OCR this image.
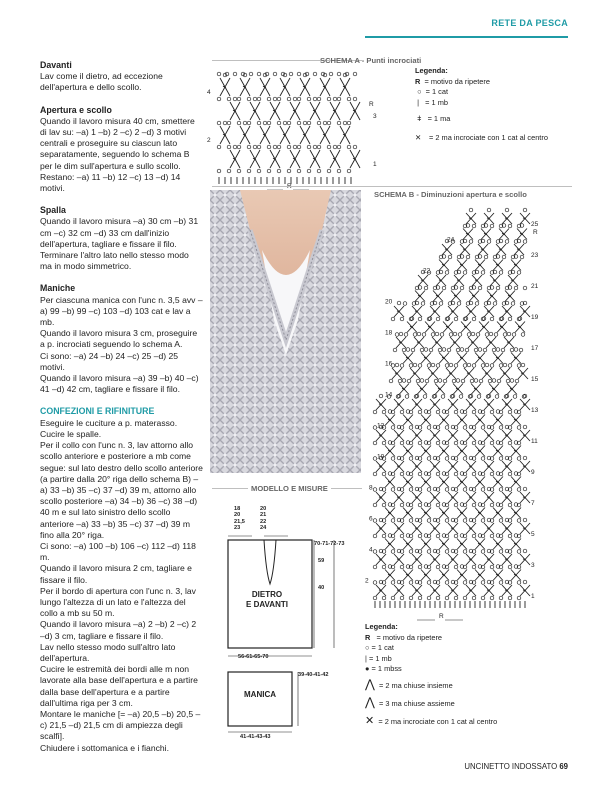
RETE DA PESCA
Davanti

Lav come il dietro, ad eccezione dell'apertura e dello scollo.

Apertura e scollo

Quando il lavoro misura 40 cm, smettere di lav su: –a) 1 –b) 2 –c) 2 –d) 3 motivi centrali e proseguire su ciascun lato separatamente, seguendo lo schema B per le dim sull'apertura e sullo scollo. Restano: –a) 11 –b) 12 –c) 13 –d) 14 motivi.

Spalla

Quando il lavoro misura –a) 30 cm –b) 31 cm –c) 32 cm –d) 33 cm dall'inizio dell'apertura, tagliare e fissare il filo. Terminare l'altro lato nello stesso modo ma in modo simmetrico.

Maniche

Per ciascuna manica con l'unc n. 3,5 avv –a) 99 –b) 99 –c) 103 –d) 103 cat e lav a mb.

Quando il lavoro misura 3 cm, proseguire a p. incrociati seguendo lo schema A.

Ci sono: –a) 24 –b) 24 –c) 25 –d) 25 motivi.

Quando il lavoro misura –a) 39 –b) 40 –c) 41 –d) 42 cm, tagliare e fissare il filo.

CONFEZIONI E RIFINITURE

Eseguire le cuciture a p. materasso.

Cucire le spalle.

Per il collo con l'unc n. 3, lav attorno allo scollo anteriore e posteriore a mb come segue: sul lato destro dello scollo anteriore (a partire dalla 20° riga dello schema B) –a) 33 –b) 35 –c) 37 –d) 39 m, attorno allo scollo posteriore –a) 34 –b) 36 –c) 38 –d) 40 m e sul lato sinistro dello scollo anteriore –a) 33 –b) 35 –c) 37 –d) 39 m fino alla 20° riga.

Ci sono: –a) 100 –b) 106 –c) 112 –d) 118 m.

Quando il lavoro misura 2 cm, tagliare e fissare il filo.

Per il bordo di apertura con l'unc n. 3, lav lungo l'altezza di un lato e l'altezza del collo a mb su 50 m.

Quando il lavoro misura –a) 2 –b) 2 –c) 2 –d) 3 cm, tagliare e fissare il filo.

Lav nello stesso modo sull'altro lato dell'apertura.

Cucire le estremità dei bordi alle m non lavorate alla base dell'apertura e a partire dalla base dell'apertura e a partire dall'ultima riga per 3 cm.

Montare le maniche [= –a) 20,5 –b) 20,5 –c) 21,5 –d) 21,5 cm di ampiezza degli scalfi].

Chiudere i sottomanica e i fianchi.

SCHEMA A - Punti incrociati
4
3
2
1
R
Legenda:
R = motivo da ripetere
○ = 1 cat
| = 1 mb
ǂ = 1 ma
✕ = 2 ma incrociate con 1 cat al centro
SCHEMA B - Diminuzioni apertura e scollo
25
23
21
19
17
15
13
11
9
7
5
3
1
24
22
20
18
16
14
12
10
8
6
4
2
R
R
Legenda:
R = motivo da ripetere
○ = 1 cat
| = 1 mb
● = 1 mbss
⋀ = 2 ma chiuse insieme
⋀ = 3 ma chiuse assieme
✕ = 2 ma incrociate con 1 cat al centro
MODELLO E MISURE
18
20
21,5
23
20
21
22
24
70-71-72-73
59
40
DIETRO
E DAVANTI
56-61-65-70
39-40-41-42
MANICA
41-41-43-43
UNCINETTO INDOSSATO 69
